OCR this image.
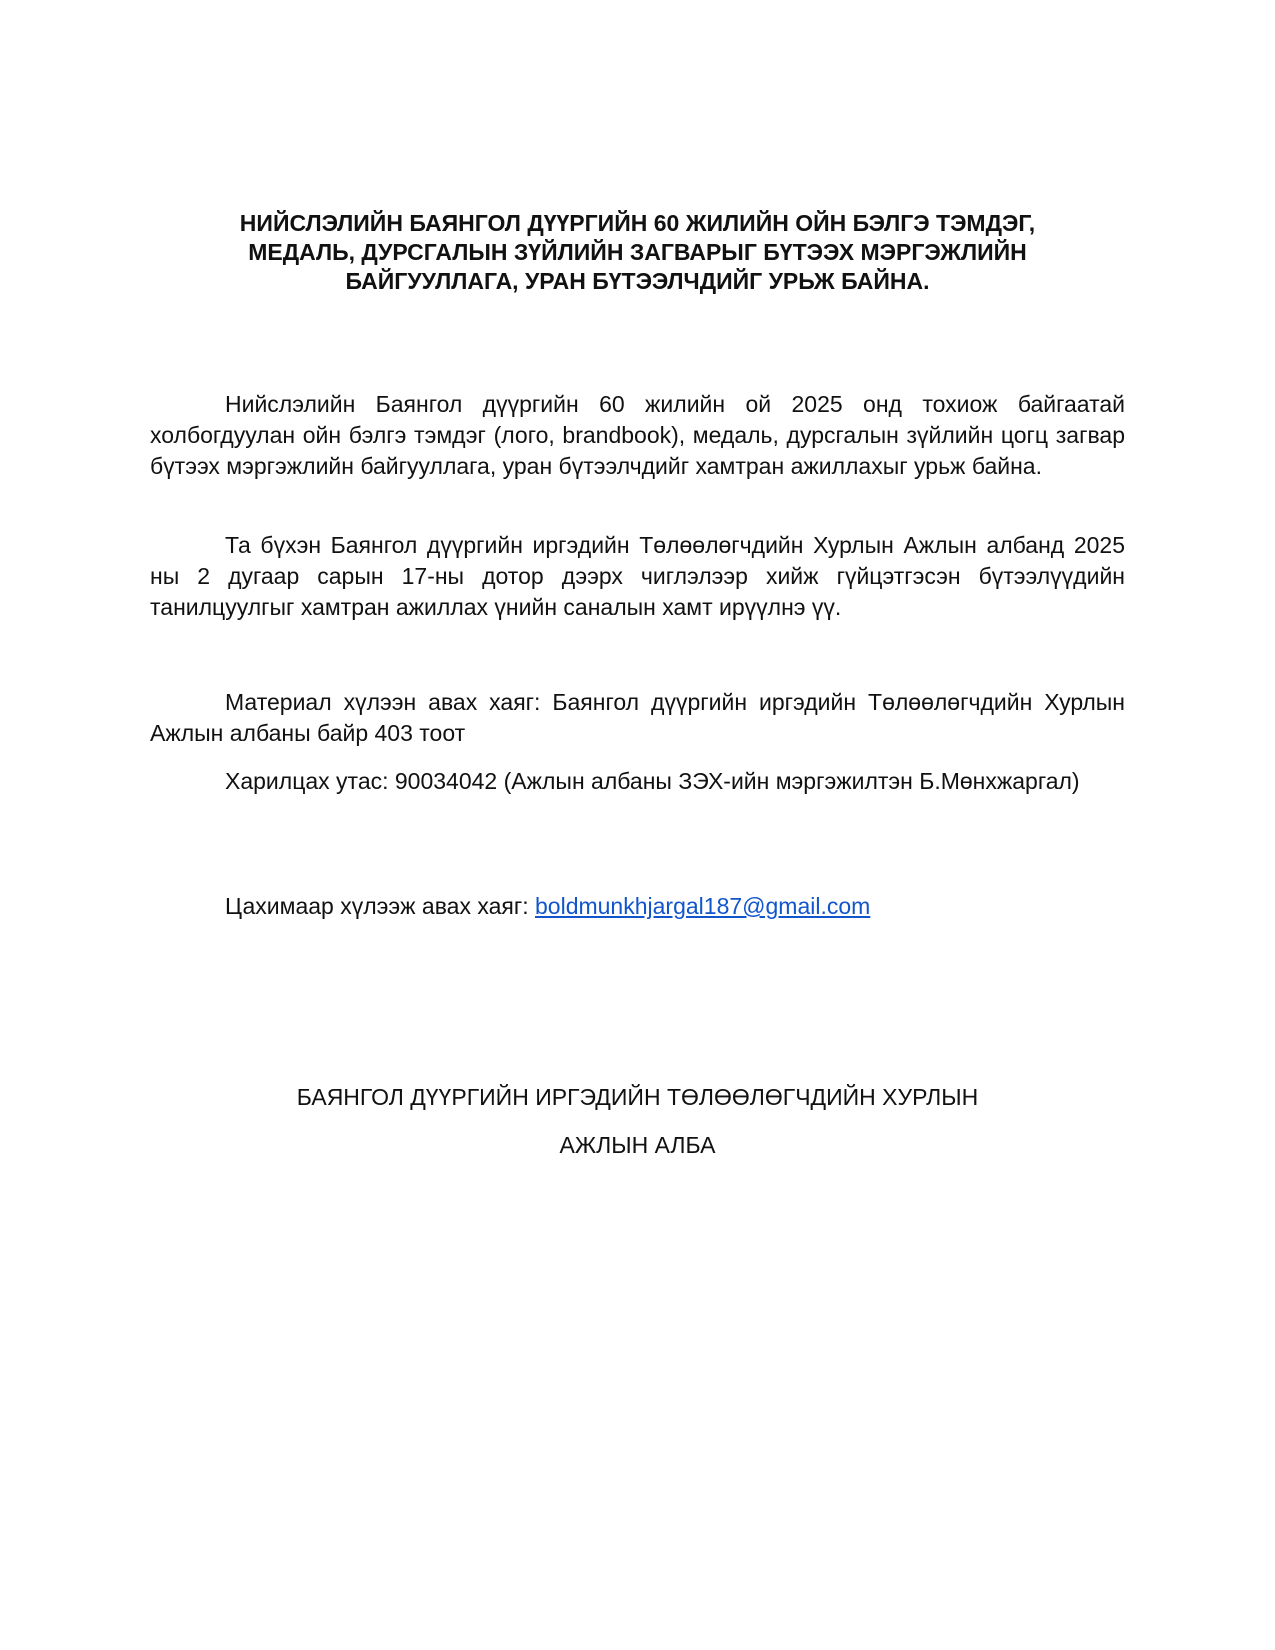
НИЙСЛЭЛИЙН БАЯНГОЛ ДҮҮРГИЙН 60 ЖИЛИЙН ОЙН БЭЛГЭ ТЭМДЭГ,
МЕДАЛЬ, ДУРСГАЛЫН ЗҮЙЛИЙН ЗАГВАРЫГ БҮТЭЭХ МЭРГЭЖЛИЙН
БАЙГУУЛЛАГА, УРАН БҮТЭЭЛЧДИЙГ УРЬЖ БАЙНА.

Нийслэлийн Баянгол дүүргийн 60 жилийн ой 2025 онд тохиож байгаатай холбогдуулан ойн бэлгэ тэмдэг (лого, brandbook), медаль, дурсгалын зүйлийн цогц загвар бүтээх мэргэжлийн байгууллага, уран бүтээлчдийг хамтран ажиллахыг урьж байна.

Та бүхэн Баянгол дүүргийн иргэдийн Төлөөлөгчдийн Хурлын Ажлын албанд 2025 ны 2 дугаар сарын 17-ны дотор дээрх чиглэлээр хийж гүйцэтгэсэн бүтээлүүдийн танилцуулгыг хамтран ажиллах үнийн саналын хамт ирүүлнэ үү.

Материал хүлээн авах хаяг: Баянгол дүүргийн иргэдийн Төлөөлөгчдийн Хурлын Ажлын албаны байр 403 тоот

Харилцах утас: 90034042 (Ажлын албаны ЗЭХ-ийн мэргэжилтэн Б.Мөнхжаргал)

Цахимаар хүлээж авах хаяг: boldmunkhjargal187@gmail.com

БАЯНГОЛ ДҮҮРГИЙН ИРГЭДИЙН ТӨЛӨӨЛӨГЧДИЙН ХУРЛЫН

АЖЛЫН АЛБА
